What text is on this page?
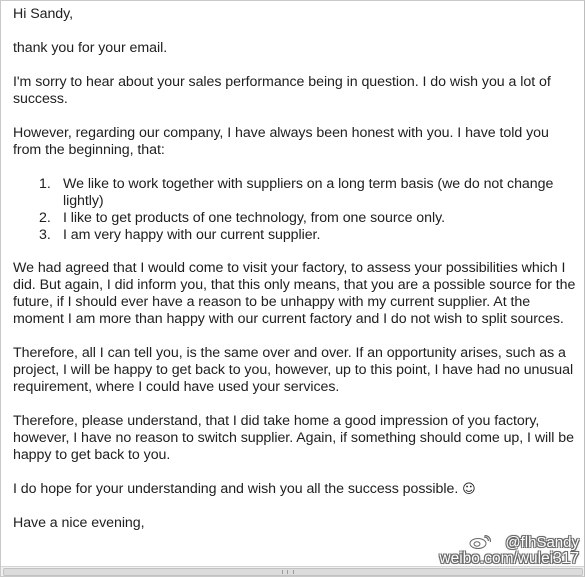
Hi Sandy,

thank you for your email.

I'm sorry to hear about your sales performance being in question. I do wish you a lot of success.

However, regarding our company, I have always been honest with you. I have told you from the beginning, that:

1. We like to work together with suppliers on a long term basis (we do not change lightly)
2. I like to get products of one technology, from one source only.
3. I am very happy with our current supplier.

We had agreed that I would come to visit your factory, to assess your possibilities which I did. But again, I did inform you, that this only means, that you are a possible source for the future, if I should ever have a reason to be unhappy with my current supplier. At the moment I am more than happy with our current factory and I do not wish to split sources.

Therefore, all I can tell you, is the same over and over. If an opportunity arises, such as a project, I will be happy to get back to you, however, up to this point, I have had no unusual requirement, where I could have used your services.

Therefore, please understand, that I did take home a good impression of you factory, however, I have no reason to switch supplier. Again, if something should come up, I will be happy to get back to you.

I do hope for your understanding and wish you all the success possible. ☺

Have a nice evening,

@flhSandy
weibo.com/wulei317
